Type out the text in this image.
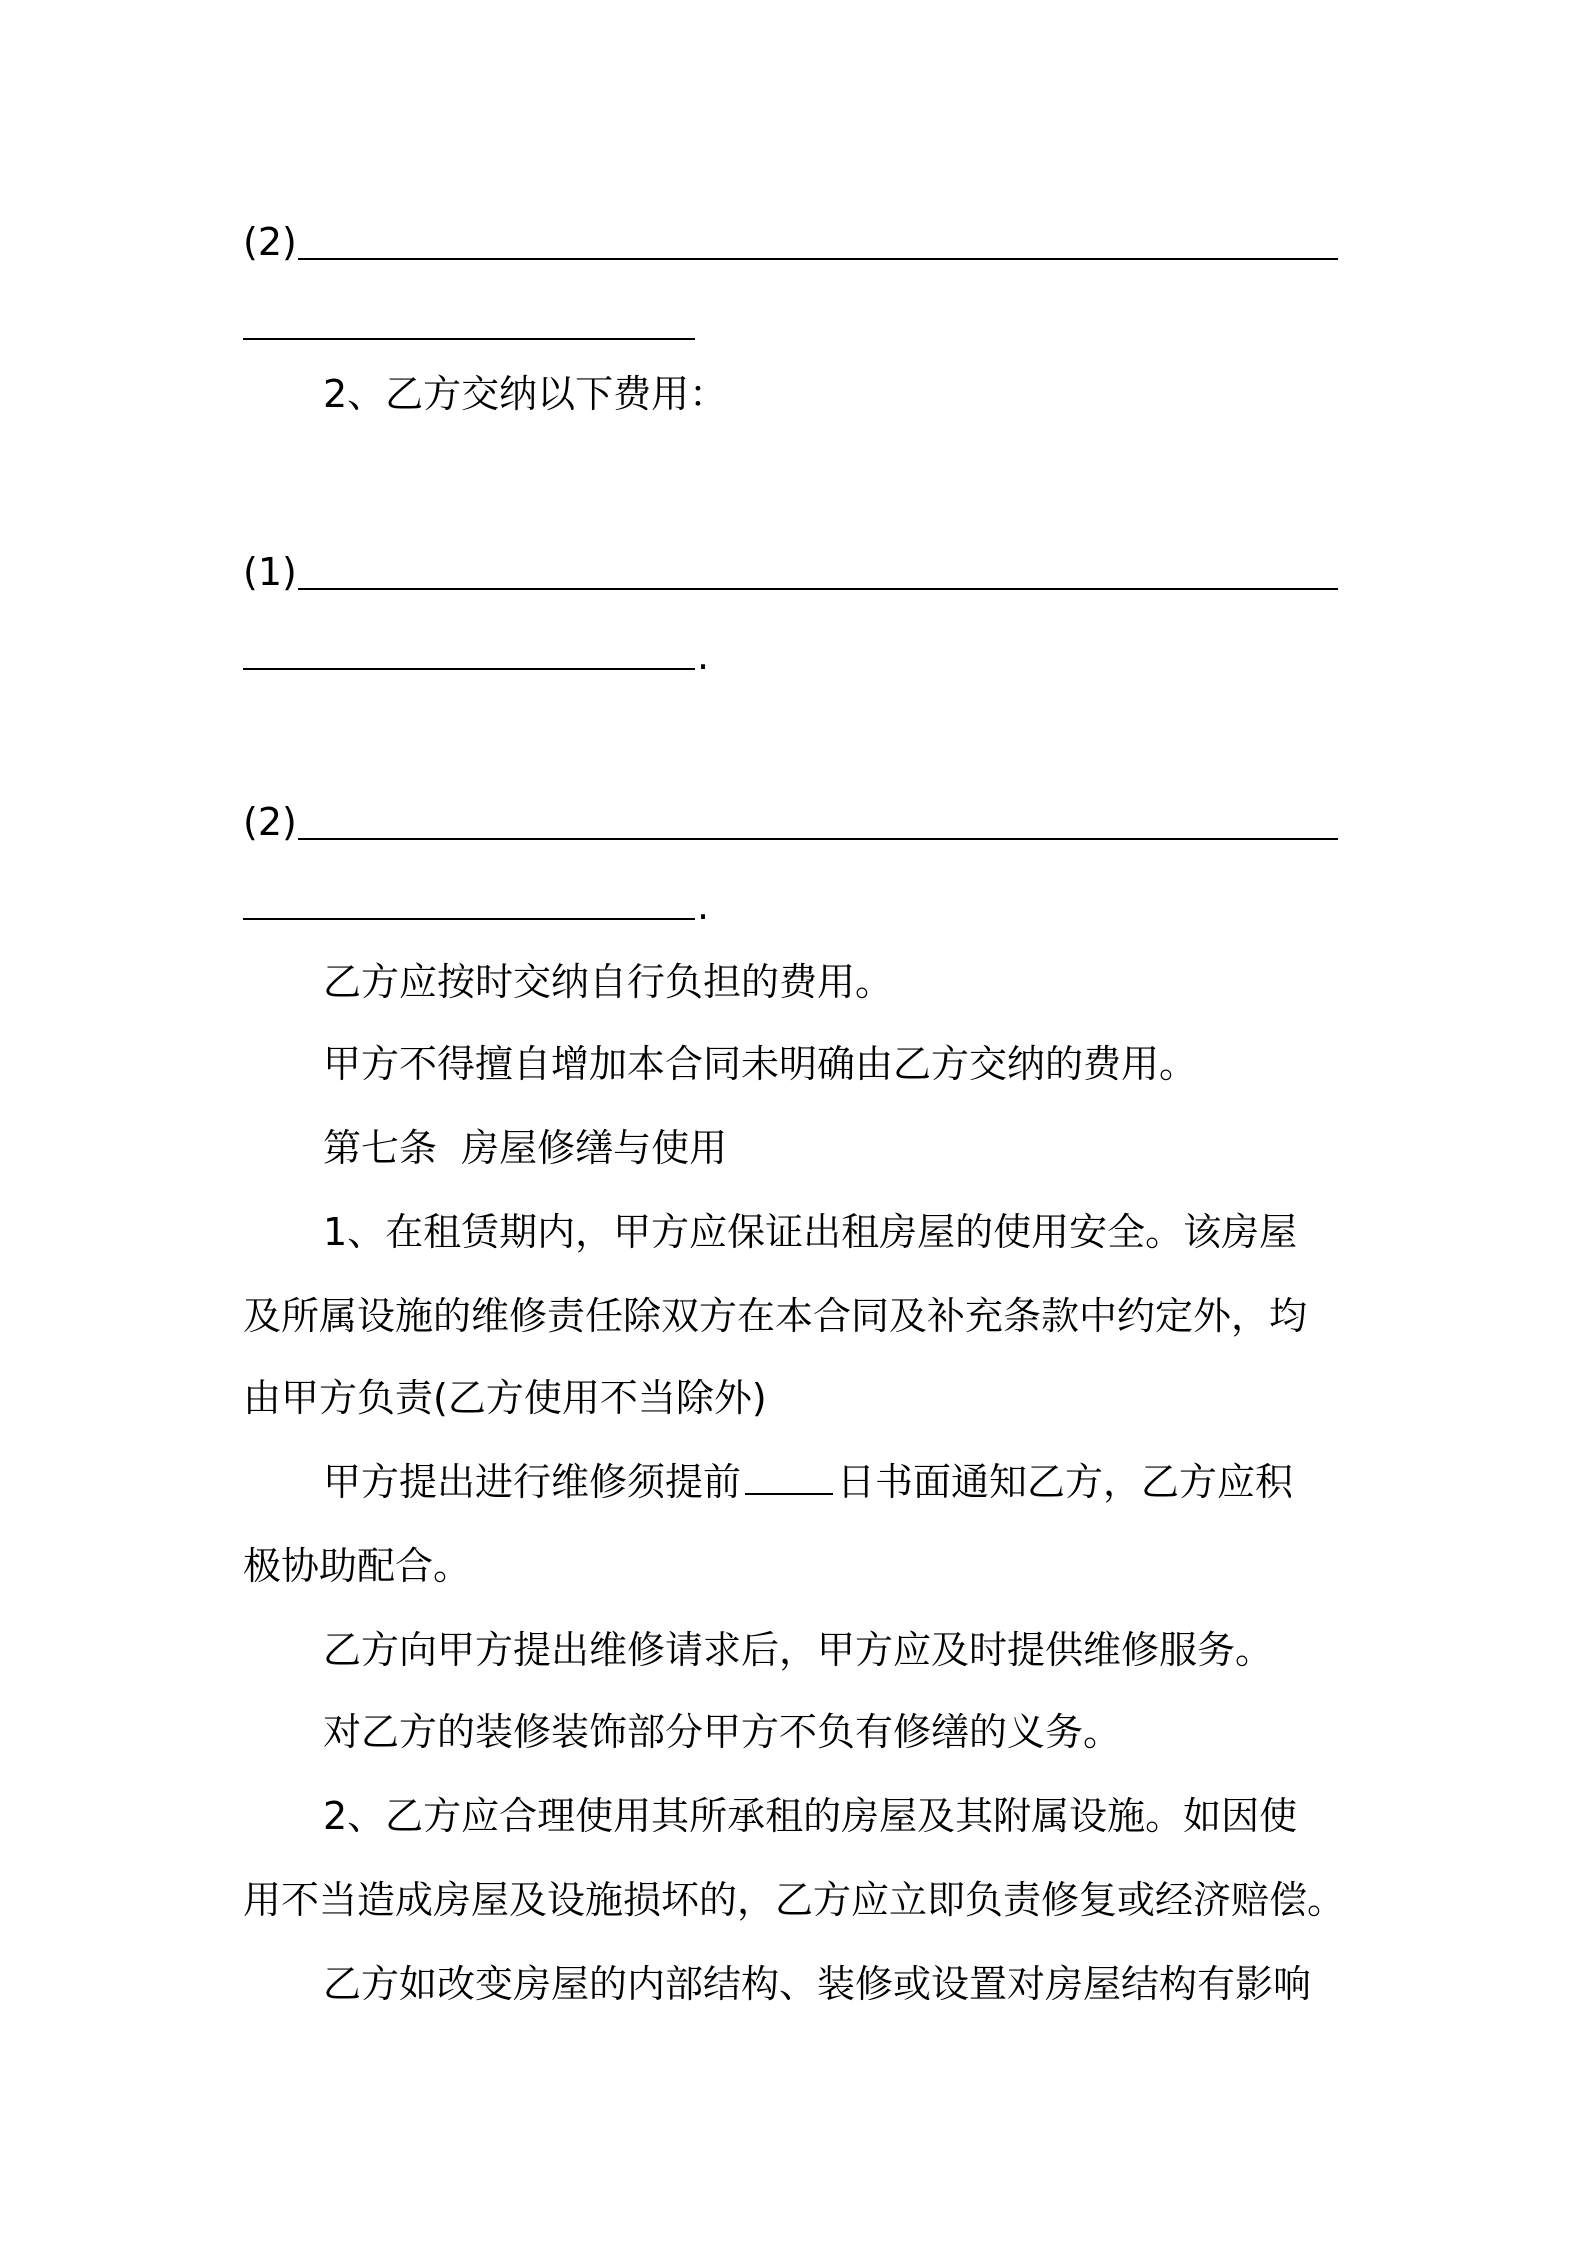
(2)
2、乙方交纳以下费用：
(1)
.
(2)
.
乙方应按时交纳自行负担的费用。
甲方不得擅自增加本合同未明确由乙方交纳的费用。
第七条  房屋修缮与使用
1、在租赁期内，甲方应保证出租房屋的使用安全。该房屋
及所属设施的维修责任除双方在本合同及补充条款中约定外，均
由甲方负责(乙方使用不当除外)
甲方提出进行维修须提前	日书面通知乙方，乙方应积
极协助配合。
乙方向甲方提出维修请求后，甲方应及时提供维修服务。
对乙方的装修装饰部分甲方不负有修缮的义务。
2、乙方应合理使用其所承租的房屋及其附属设施。如因使
用不当造成房屋及设施损坏的，乙方应立即负责修复或经济赔偿。
乙方如改变房屋的内部结构、装修或设置对房屋结构有影响
